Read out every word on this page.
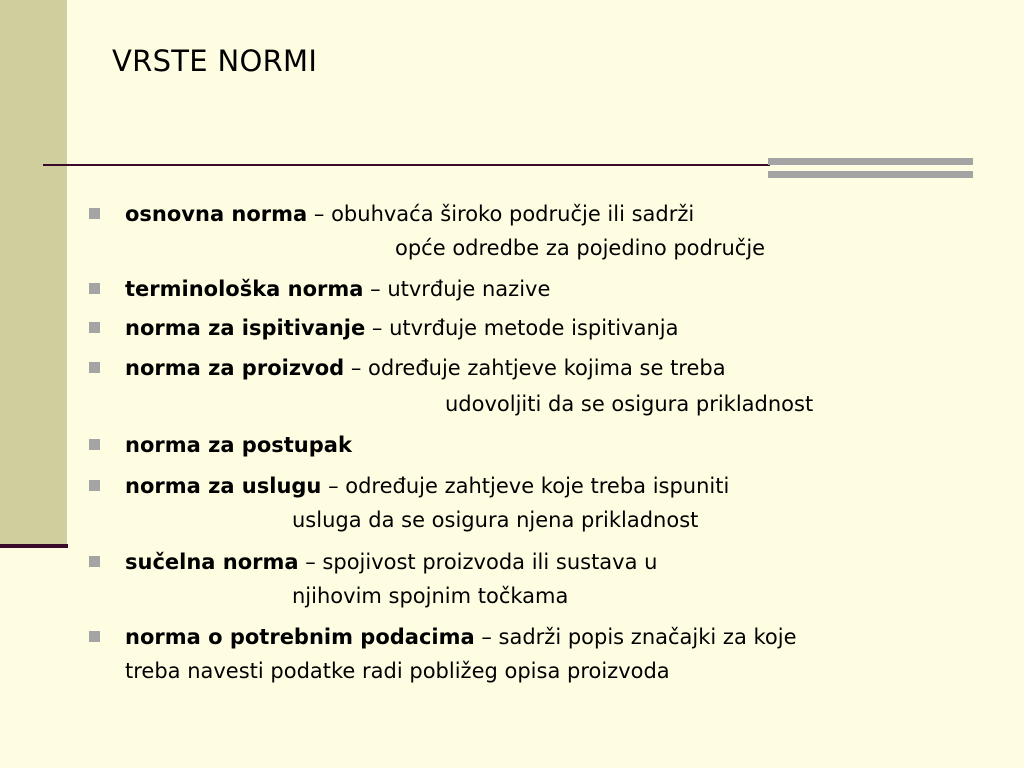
VRSTE NORMI
osnovna norma – obuhvaća široko područje ili sadrži
opće odredbe za pojedino područje
terminološka norma – utvrđuje nazive
norma za ispitivanje – utvrđuje metode ispitivanja
norma za proizvod – određuje zahtjeve kojima se treba
udovoljiti da se osigura prikladnost
norma za postupak
norma za uslugu – određuje zahtjeve koje treba ispuniti
usluga da se osigura njena prikladnost
sučelna norma – spojivost proizvoda ili sustava u
njihovim spojnim točkama
norma o potrebnim podacima – sadrži popis značajki za koje
treba navesti podatke radi pobližeg opisa proizvoda
